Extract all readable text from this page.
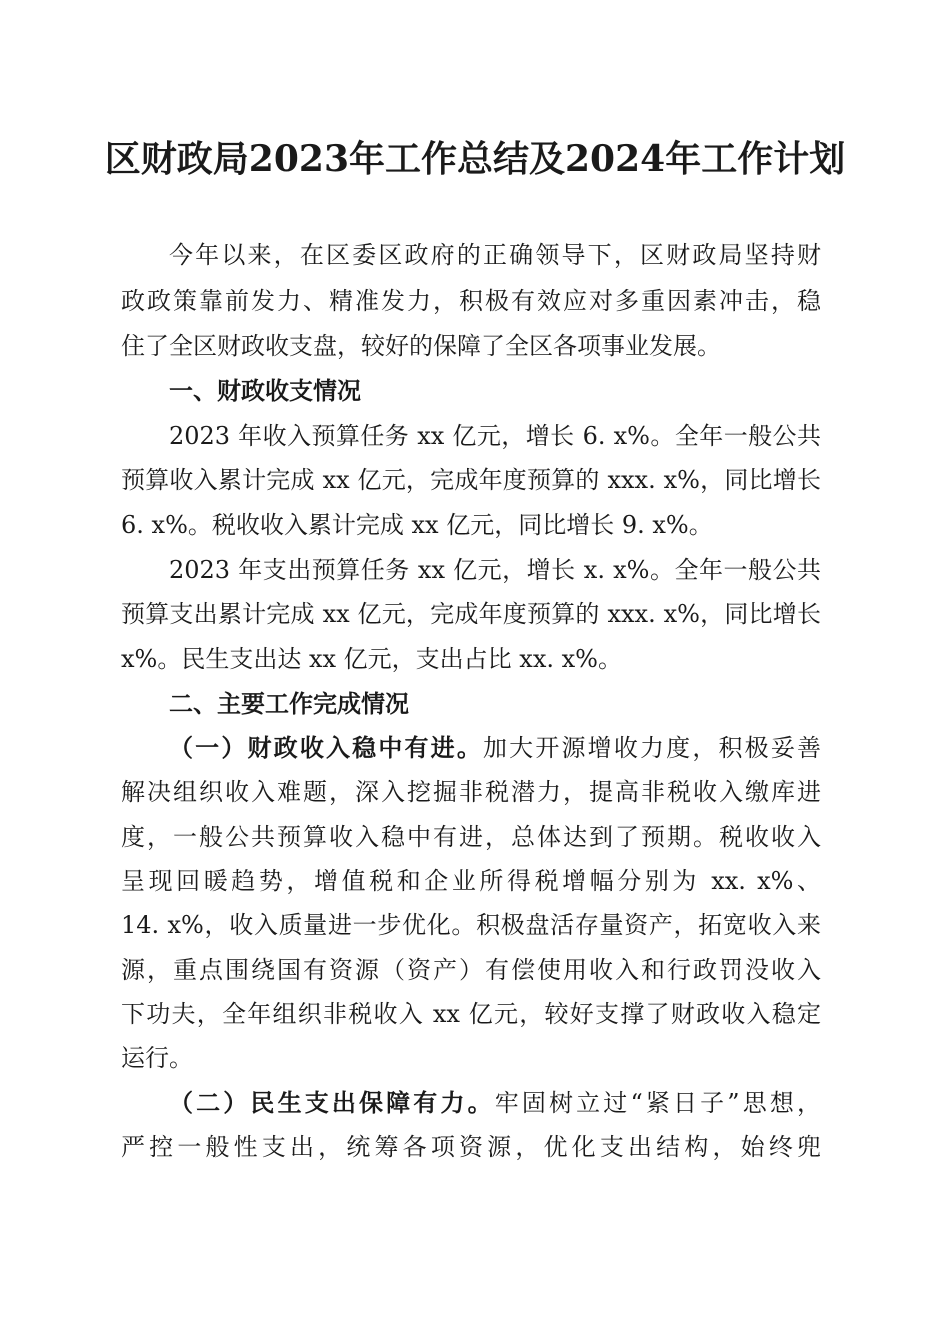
区财政局2023年工作总结及2024年工作计划
今年以来，在区委区政府的正确领导下，区财政局坚持财
政政策靠前发力、精准发力，积极有效应对多重因素冲击，稳
住了全区财政收支盘，较好的保障了全区各项事业发展。
一、财政收支情况
2023 年收入预算任务 xx 亿元，增长 6. x%。全年一般公共
预算收入累计完成 xx 亿元，完成年度预算的 xxx. x%，同比增长
6. x%。税收收入累计完成 xx 亿元，同比增长 9. x%。
2023 年支出预算任务 xx 亿元，增长 x. x%。全年一般公共
预算支出累计完成 xx 亿元，完成年度预算的 xxx. x%，同比增长
x%。民生支出达 xx 亿元，支出占比 xx. x%。
二、主要工作完成情况
（一）财政收入稳中有进。加大开源增收力度，积极妥善
解决组织收入难题，深入挖掘非税潜力，提高非税收入缴库进
度，一般公共预算收入稳中有进，总体达到了预期。税收收入
呈现回暖趋势，增值税和企业所得税增幅分别为 xx. x%、
14. x%，收入质量进一步优化。积极盘活存量资产，拓宽收入来
源，重点围绕国有资源（资产）有偿使用收入和行政罚没收入
下功夫，全年组织非税收入 xx 亿元，较好支撑了财政收入稳定
运行。
（二）民生支出保障有力。牢固树立过“紧日子”思想，
严控一般性支出，统筹各项资源，优化支出结构，始终兜
